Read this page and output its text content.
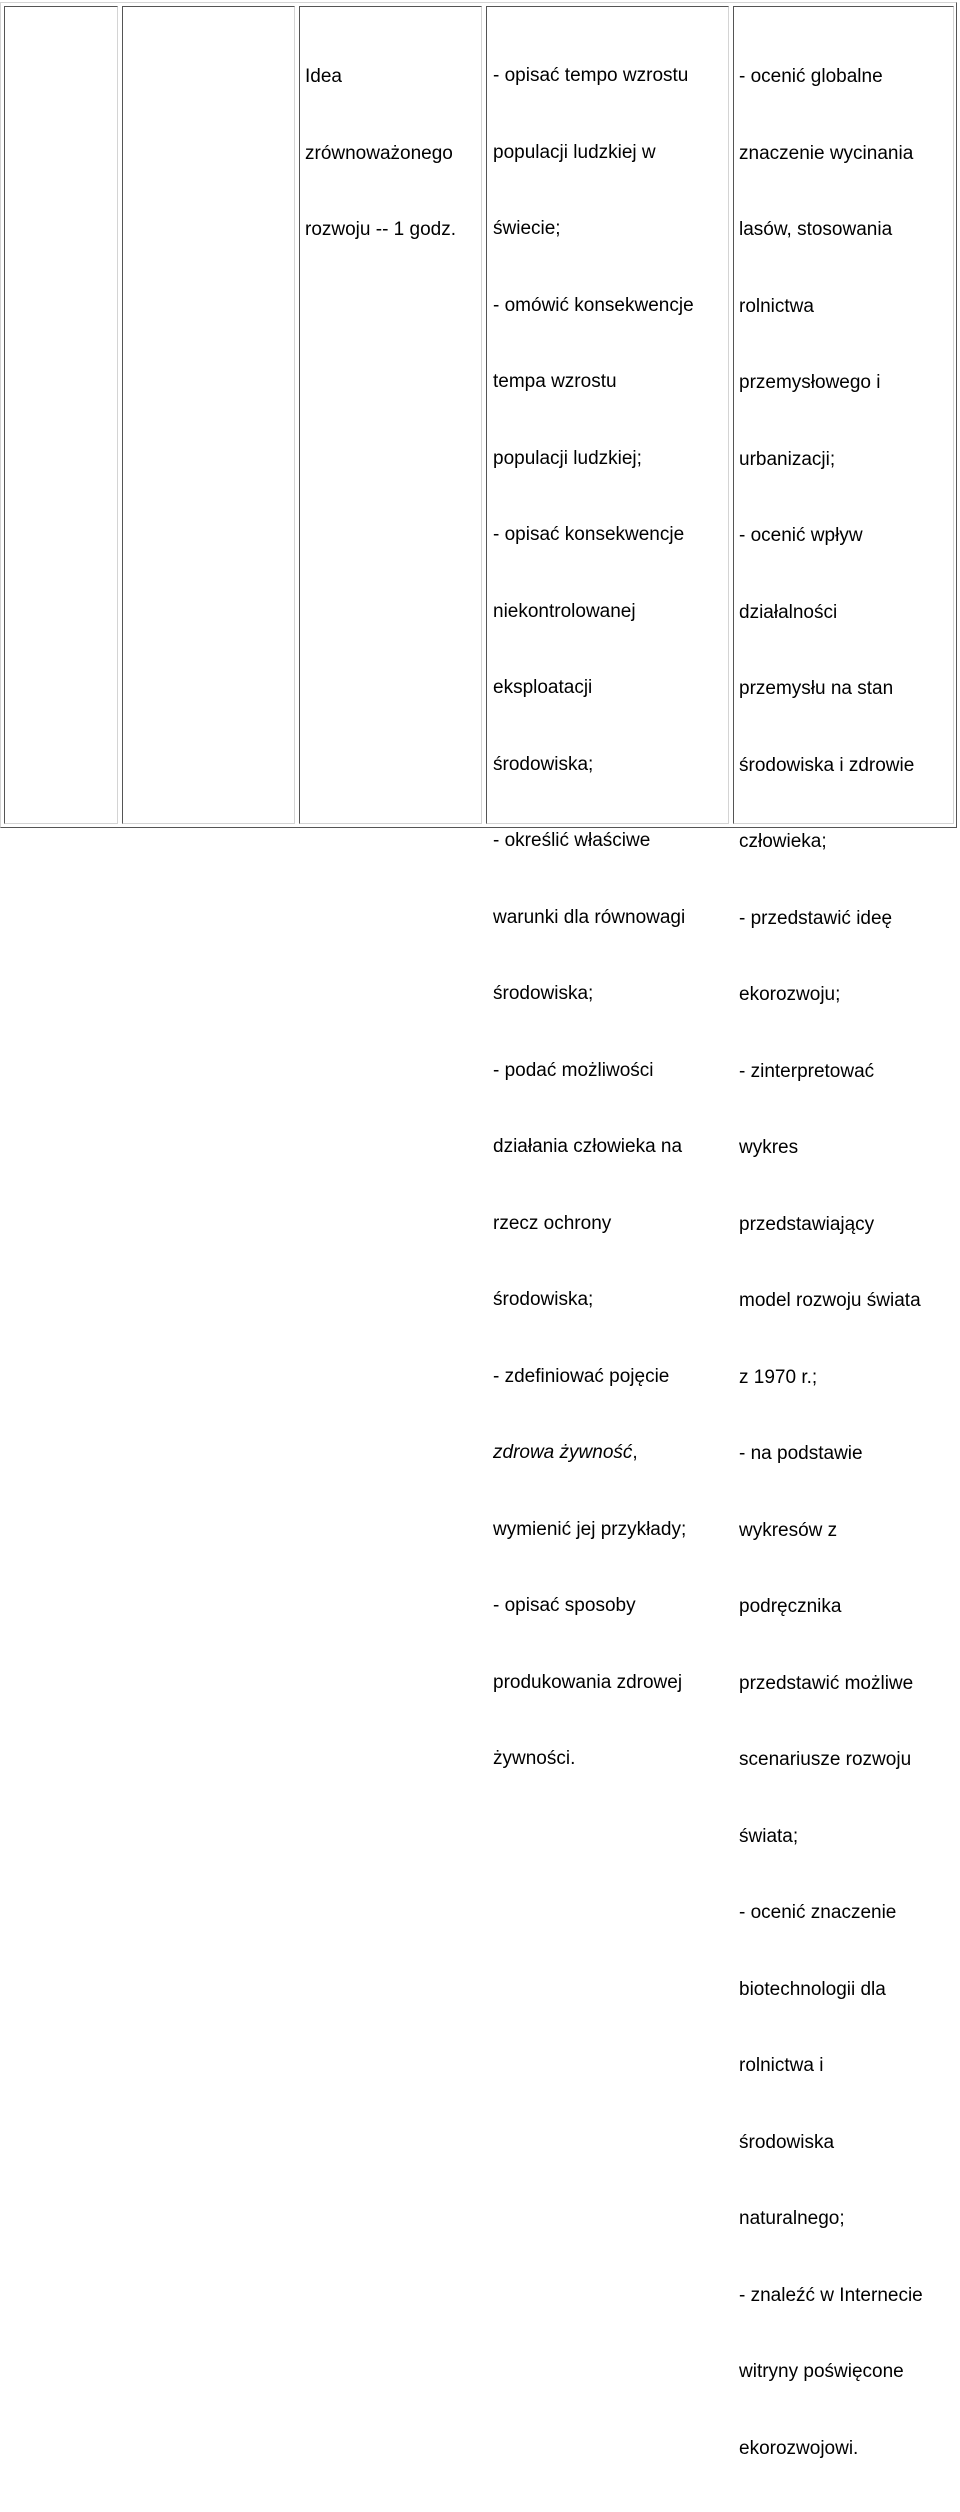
Idea

zrównoważonego

rozwoju -- 1 godz.

- opisać tempo wzrostu

populacji ludzkiej w

świecie;

- omówić konsekwencje

tempa wzrostu

populacji ludzkiej;

- opisać konsekwencje

niekontrolowanej

eksploatacji

środowiska;

- określić właściwe

warunki dla równowagi

środowiska;

- podać możliwości

działania człowieka na

rzecz ochrony

środowiska;

- zdefiniować pojęcie

zdrowa żywność,

wymienić jej przykłady;

- opisać sposoby

produkowania zdrowej

żywności.

- ocenić globalne

znaczenie wycinania

lasów, stosowania

rolnictwa

przemysłowego i

urbanizacji;

- ocenić wpływ

działalności

przemysłu na stan

środowiska i zdrowie

człowieka;

- przedstawić ideę

ekorozwoju;

- zinterpretować

wykres

przedstawiający

model rozwoju świata

z 1970 r.;

- na podstawie

wykresów z

podręcznika

przedstawić możliwe

scenariusze rozwoju

świata;

- ocenić znaczenie

biotechnologii dla

rolnictwa i

środowiska

naturalnego;

- znaleźć w Internecie

witryny poświęcone

ekorozwojowi.
